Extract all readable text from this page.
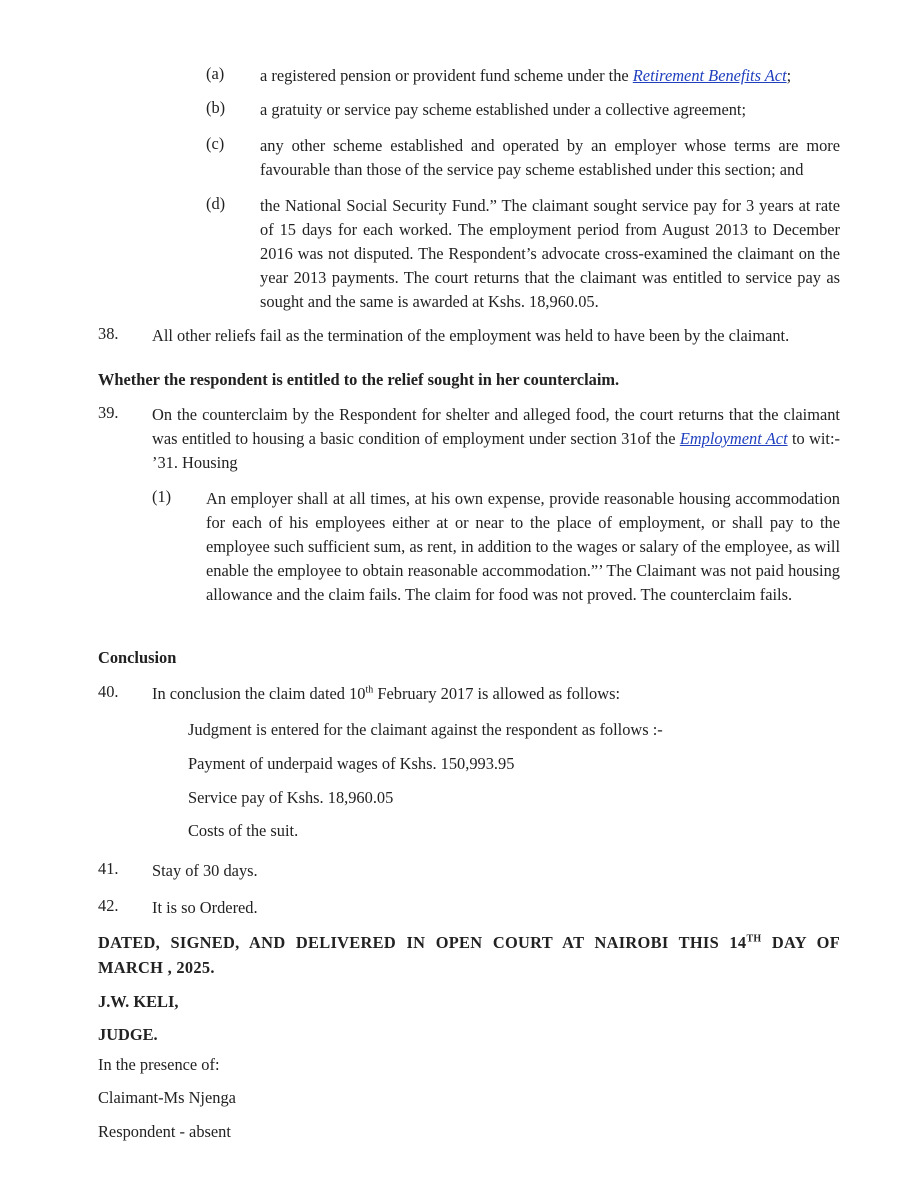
(a) a registered pension or provident fund scheme under the Retirement Benefits Act;
(b) a gratuity or service pay scheme established under a collective agreement;
(c) any other scheme established and operated by an employer whose terms are more favourable than those of the service pay scheme established under this section; and
(d) the National Social Security Fund.” The claimant sought service pay for 3 years at rate of 15 days for each worked. The employment period from August 2013 to December 2016 was not disputed. The Respondent’s advocate cross-examined the claimant on the year 2013 payments. The court returns that the claimant was entitled to service pay as sought and the same is awarded at Kshs. 18,960.05.
38. All other reliefs fail as the termination of the employment was held to have been by the claimant.
Whether the respondent is entitled to the relief sought in her counterclaim.
39. On the counterclaim by the Respondent for shelter and alleged food, the court returns that the claimant was entitled to housing a basic condition of employment under section 31of the Employment Act to wit:- ’31. Housing
(1) An employer shall at all times, at his own expense, provide reasonable housing accommodation for each of his employees either at or near to the place of employment, or shall pay to the employee such sufficient sum, as rent, in addition to the wages or salary of the employee, as will enable the employee to obtain reasonable accommodation.”’ The Claimant was not paid housing allowance and the claim fails. The claim for food was not proved. The counterclaim fails.
Conclusion
40. In conclusion the claim dated 10th February 2017 is allowed as follows:
Judgment is entered for the claimant against the respondent as follows :-
Payment of underpaid wages of Kshs. 150,993.95
Service pay of Kshs. 18,960.05
Costs of the suit.
41. Stay of 30 days.
42. It is so Ordered.
DATED, SIGNED, AND DELIVERED IN OPEN COURT AT NAIROBI THIS 14TH DAY OF
MARCH , 2025.
J.W. KELI,
JUDGE.
In the presence of:
Claimant-Ms Njenga
Respondent - absent
